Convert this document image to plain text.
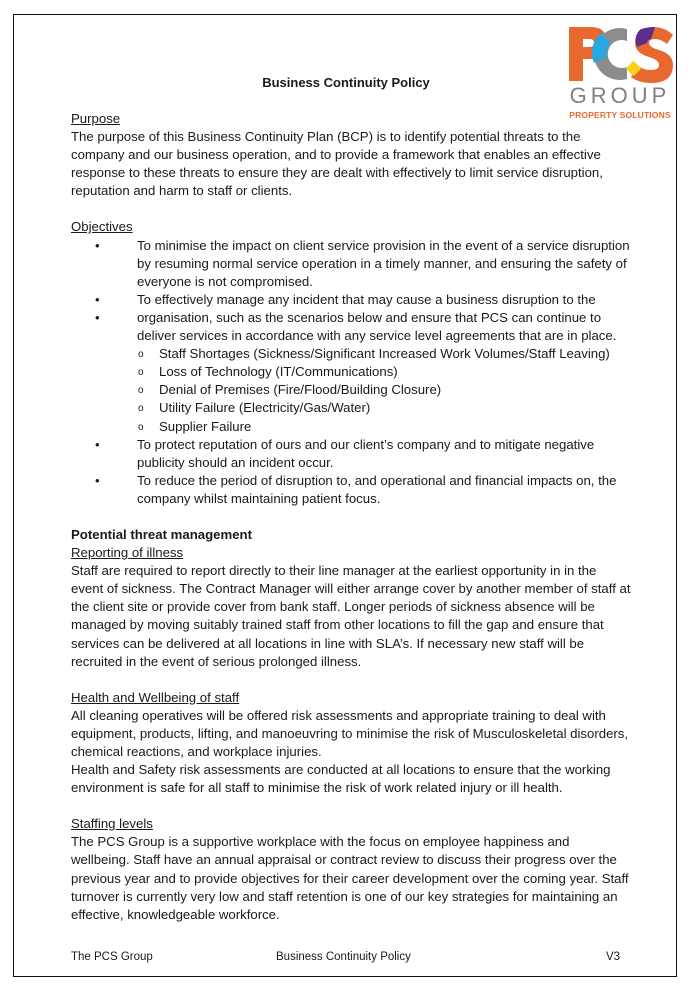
GROUP
PROPERTY SOLUTIONS
Business Continuity Policy

Purpose

The purpose of this Business Continuity Plan (BCP) is to identify potential threats to the company and our business operation, and to provide a framework that enables an effective response to these threats to ensure they are dealt with effectively to limit service disruption, reputation and harm to staff or clients.

Objectives

•	To minimise the impact on client service provision in the event of a service disruption by resuming normal service operation in a timely manner, and ensuring the safety of everyone is not compromised.
•	To effectively manage any incident that may cause a business disruption to the
•	organisation, such as the scenarios below and ensure that PCS can continue to deliver services in accordance with any service level agreements that are in place.
o Staff Shortages (Sickness/Significant Increased Work Volumes/Staff Leaving)
o Loss of Technology (IT/Communications)
o Denial of Premises (Fire/Flood/Building Closure)
o Utility Failure (Electricity/Gas/Water)
o Supplier Failure
•	To protect reputation of ours and our client’s company and to mitigate negative publicity should an incident occur.
•	To reduce the period of disruption to, and operational and financial impacts on, the company whilst maintaining patient focus.

Potential threat management

Reporting of illness

Staff are required to report directly to their line manager at the earliest opportunity in in the event of sickness. The Contract Manager will either arrange cover by another member of staff at the client site or provide cover from bank staff. Longer periods of sickness absence will be managed by moving suitably trained staff from other locations to fill the gap and ensure that services can be delivered at all locations in line with SLA’s. If necessary new staff will be recruited in the event of serious prolonged illness.

Health and Wellbeing of staff

All cleaning operatives will be offered risk assessments and appropriate training to deal with equipment, products, lifting, and manoeuvring to minimise the risk of Musculoskeletal disorders, chemical reactions, and workplace injuries.

Health and Safety risk assessments are conducted at all locations to ensure that the working environment is safe for all staff to minimise the risk of work related injury or ill health.

Staffing levels

The PCS Group is a supportive workplace with the focus on employee happiness and wellbeing. Staff have an annual appraisal or contract review to discuss their progress over the previous year and to provide objectives for their career development over the coming year. Staff turnover is currently very low and staff retention is one of our key strategies for maintaining an effective, knowledgeable workforce.

The PCS Group	Business Continuity Policy	V3
